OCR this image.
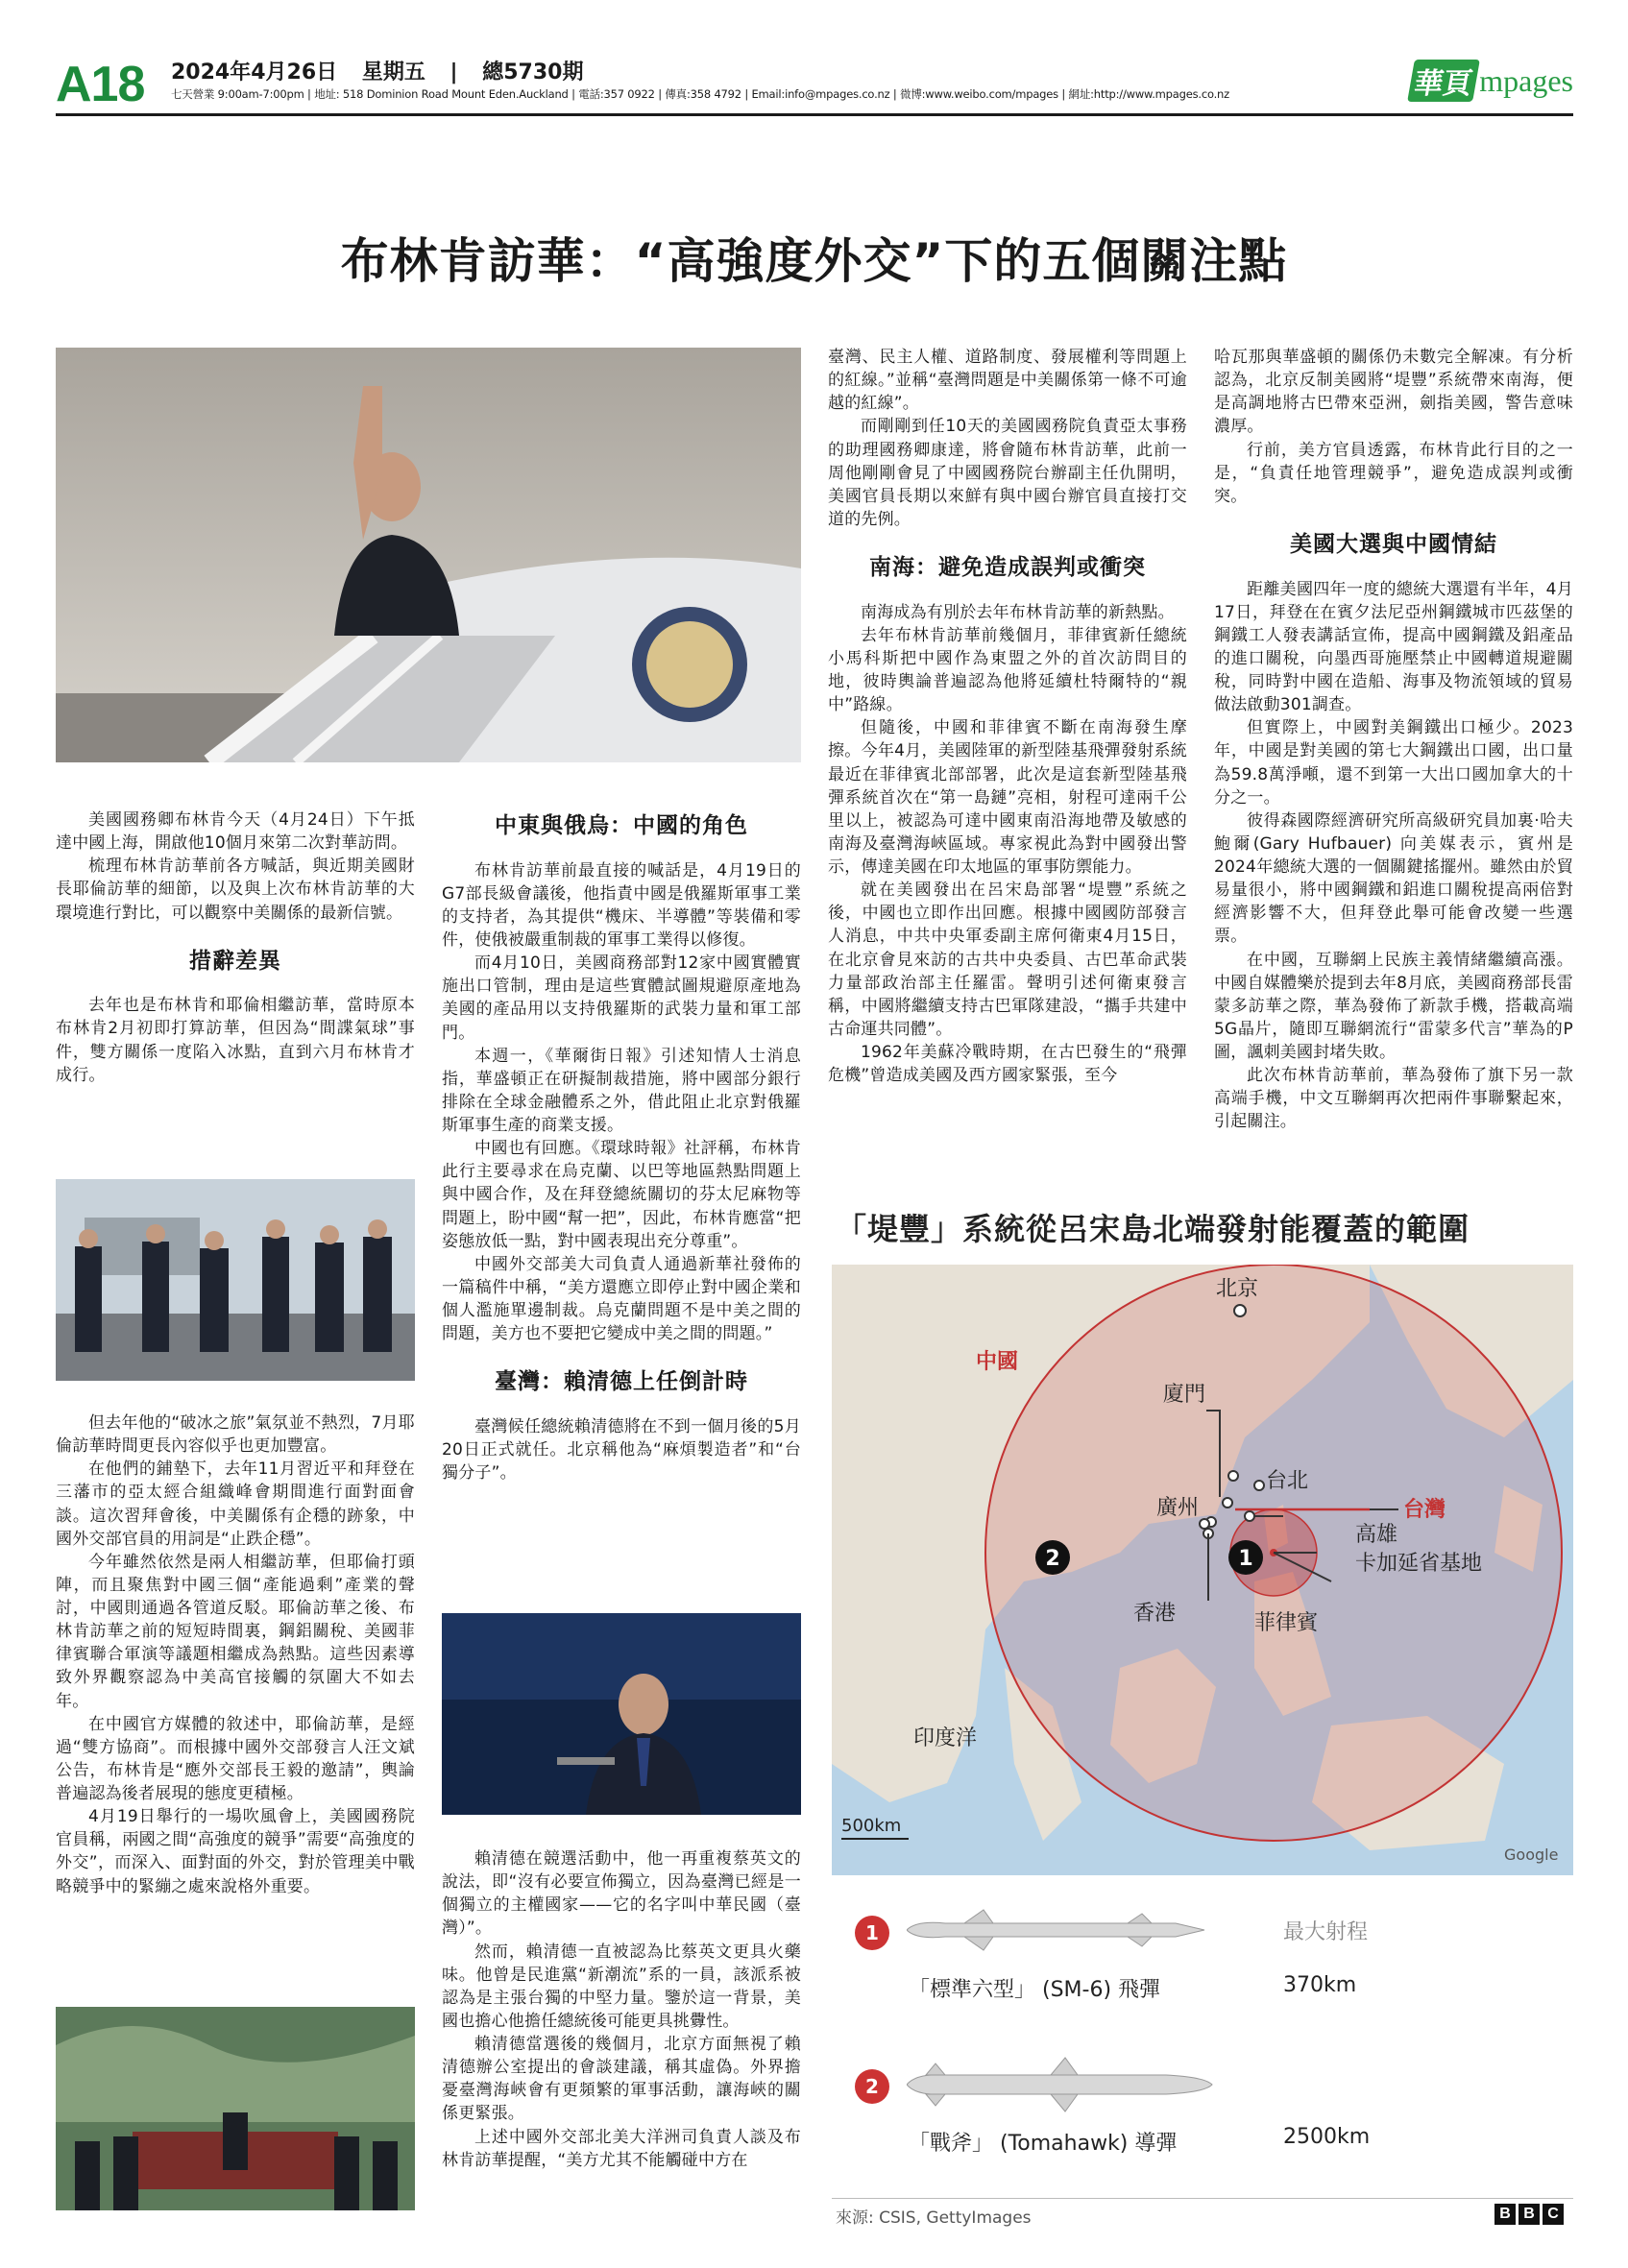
A18 2024年4月26日 星期五 | 總5730期
七天營業 9:00am-7:00pm | 地址: 518 Dominion Road Mount Eden.Auckland | 電話:357 0922 | 傳真:358 4792 | Email:info@mpages.co.nz | 微博:www.weibo.com/mpages | 網址:http://www.mpages.co.nz	華頁 mpages
布林肯訪華：“高強度外交”下的五個關注點

美國國務卿布林肯今天（4月24日）下午抵達中國上海，開啟他10個月來第二次對華訪問。

梳理布林肯訪華前各方喊話，與近期美國財長耶倫訪華的細節，以及與上次布林肯訪華的大環境進行對比，可以觀察中美關係的最新信號。

措辭差異

去年也是布林肯和耶倫相繼訪華，當時原本布林肯2月初即打算訪華，但因為“間諜氣球”事件，雙方關係一度陷入冰點，直到六月布林肯才成行。

但去年他的“破冰之旅”氣氛並不熱烈，7月耶倫訪華時間更長內容似乎也更加豐富。

在他們的鋪墊下，去年11月習近平和拜登在三藩市的亞太經合組織峰會期間進行面對面會談。這次習拜會後，中美關係有企穩的跡象，中國外交部官員的用詞是“止跌企穩”。

今年雖然依然是兩人相繼訪華，但耶倫打頭陣，而且聚焦對中國三個“產能過剩”產業的聲討，中國則通過各管道反駁。耶倫訪華之後、布林肯訪華之前的短短時間裏，鋼鋁關稅、美國菲律賓聯合軍演等議題相繼成為熱點。這些因素導致外界觀察認為中美高官接觸的氛圍大不如去年。

在中國官方媒體的敘述中，耶倫訪華，是經過“雙方協商”。而根據中國外交部發言人汪文斌公告，布林肯是“應外交部長王毅的邀請”，輿論普遍認為後者展現的態度更積極。

4月19日舉行的一場吹風會上，美國國務院官員稱，兩國之間“高強度的競爭”需要“高強度的外交”，而深入、面對面的外交，對於管理美中戰略競爭中的緊繃之處來說格外重要。

中東與俄烏：中國的角色

布林肯訪華前最直接的喊話是，4月19日的G7部長級會議後，他指責中國是俄羅斯軍事工業的支持者，為其提供“機床、半導體”等裝備和零件，使俄被嚴重制裁的軍事工業得以修復。

而4月10日，美國商務部對12家中國實體實施出口管制，理由是這些實體試圖規避原產地為美國的產品用以支持俄羅斯的武裝力量和軍工部門。

本週一，《華爾街日報》引述知情人士消息指，華盛頓正在研擬制裁措施，將中國部分銀行排除在全球金融體系之外，借此阻止北京對俄羅斯軍事生產的商業支援。

中國也有回應。《環球時報》社評稱，布林肯此行主要尋求在烏克蘭、以巴等地區熱點問題上與中國合作，及在拜登總統關切的芬太尼麻物等問題上，盼中國“幫一把”，因此，布林肯應當“把姿態放低一點，對中國表現出充分尊重”。

中國外交部美大司負責人通過新華社發佈的一篇稿件中稱，“美方還應立即停止對中國企業和個人濫施單邊制裁。烏克蘭問題不是中美之間的問題，美方也不要把它變成中美之間的問題。”

臺灣：賴清德上任倒計時

臺灣候任總統賴清德將在不到一個月後的5月20日正式就任。北京稱他為“麻煩製造者”和“台獨分子”。

賴清德在競選活動中，他一再重複蔡英文的說法，即“沒有必要宣佈獨立，因為臺灣已經是一個獨立的主權國家——它的名字叫中華民國（臺灣）”。

然而，賴清德一直被認為比蔡英文更具火藥味。他曾是民進黨“新潮流”系的一員，該派系被認為是主張台獨的中堅力量。鑒於這一背景，美國也擔心他擔任總統後可能更具挑釁性。

賴清德當選後的幾個月，北京方面無視了賴清德辦公室提出的會談建議，稱其虛偽。外界擔憂臺灣海峽會有更頻繁的軍事活動，讓海峽的關係更緊張。

上述中國外交部北美大洋洲司負責人談及布林肯訪華提醒，“美方尤其不能觸碰中方在

臺灣、民主人權、道路制度、發展權利等問題上的紅線。”並稱“臺灣問題是中美關係第一條不可逾越的紅線”。

而剛剛到任10天的美國國務院負責亞太事務的助理國務卿康達，將會隨布林肯訪華，此前一周他剛剛會見了中國國務院台辦副主任仇開明，美國官員長期以來鮮有與中國台辦官員直接打交道的先例。

南海：避免造成誤判或衝突

南海成為有別於去年布林肯訪華的新熱點。

去年布林肯訪華前幾個月，菲律賓新任總統小馬科斯把中國作為東盟之外的首次訪問目的地，彼時輿論普遍認為他將延續杜特爾特的“親中”路線。

但隨後，中國和菲律賓不斷在南海發生摩擦。今年4月，美國陸軍的新型陸基飛彈發射系統最近在菲律賓北部部署，此次是這套新型陸基飛彈系統首次在“第一島鏈”亮相，射程可達兩千公里以上，被認為可達中國東南沿海地帶及敏感的南海及臺灣海峽區域。專家視此為對中國發出警示，傳達美國在印太地區的軍事防禦能力。

就在美國發出在呂宋島部署“堤豐”系統之後，中國也立即作出回應。根據中國國防部發言人消息，中共中央軍委副主席何衛東4月15日，在北京會見來訪的古共中央委員、古巴革命武裝力量部政治部主任羅雷。聲明引述何衛東發言稱，中國將繼續支持古巴軍隊建設，“攜手共建中古命運共同體”。

1962年美蘇冷戰時期，在古巴發生的“飛彈危機”曾造成美國及西方國家緊張，至今

哈瓦那與華盛頓的關係仍未數完全解凍。有分析認為，北京反制美國將“堤豐”系統帶來南海，便是高調地將古巴帶來亞洲，劍指美國，警告意味濃厚。

行前，美方官員透露，布林肯此行目的之一是，“負責任地管理競爭”，避免造成誤判或衝突。

美國大選與中國情結

距離美國四年一度的總統大選還有半年，4月17日，拜登在在賓夕法尼亞州鋼鐵城市匹茲堡的鋼鐵工人發表講話宣佈，提高中國鋼鐵及鋁產品的進口關稅，向墨西哥施壓禁止中國轉道規避關稅，同時對中國在造船、海事及物流領域的貿易做法啟動301調查。

但實際上，中國對美鋼鐵出口極少。2023年，中國是對美國的第七大鋼鐵出口國，出口量為59.8萬淨噸，還不到第一大出口國加拿大的十分之一。

彼得森國際經濟研究所高級研究員加裏·哈夫鮑爾(Gary Hufbauer) 向美媒表示，賓州是2024年總統大選的一個關鍵搖擺州。雖然由於貿易量很小，將中國鋼鐵和鋁進口關稅提高兩倍對經濟影響不大，但拜登此舉可能會改變一些選票。

在中國，互聯網上民族主義情緒繼續高漲。中國自媒體樂於提到去年8月底，美國商務部長雷蒙多訪華之際，華為發佈了新款手機，搭載高端5G晶片，隨即互聯網流行“雷蒙多代言”華為的P圖，諷刺美國封堵失敗。

此次布林肯訪華前，華為發佈了旗下另一款高端手機，中文互聯網再次把兩件事聯繫起來，引起關注。

「堤豐」系統從呂宋島北端發射能覆蓋的範圍
1
2
北京
中國
廈門
台北
台灣
廣州
高雄
卡加延省基地
香港	菲律賓
印度洋
500km
Google
1	最大射程
「標準六型」 (SM-6) 飛彈	370km
2
「戰斧」 (Tomahawk) 導彈	2500km
來源: CSIS, GettyImages	B B C
